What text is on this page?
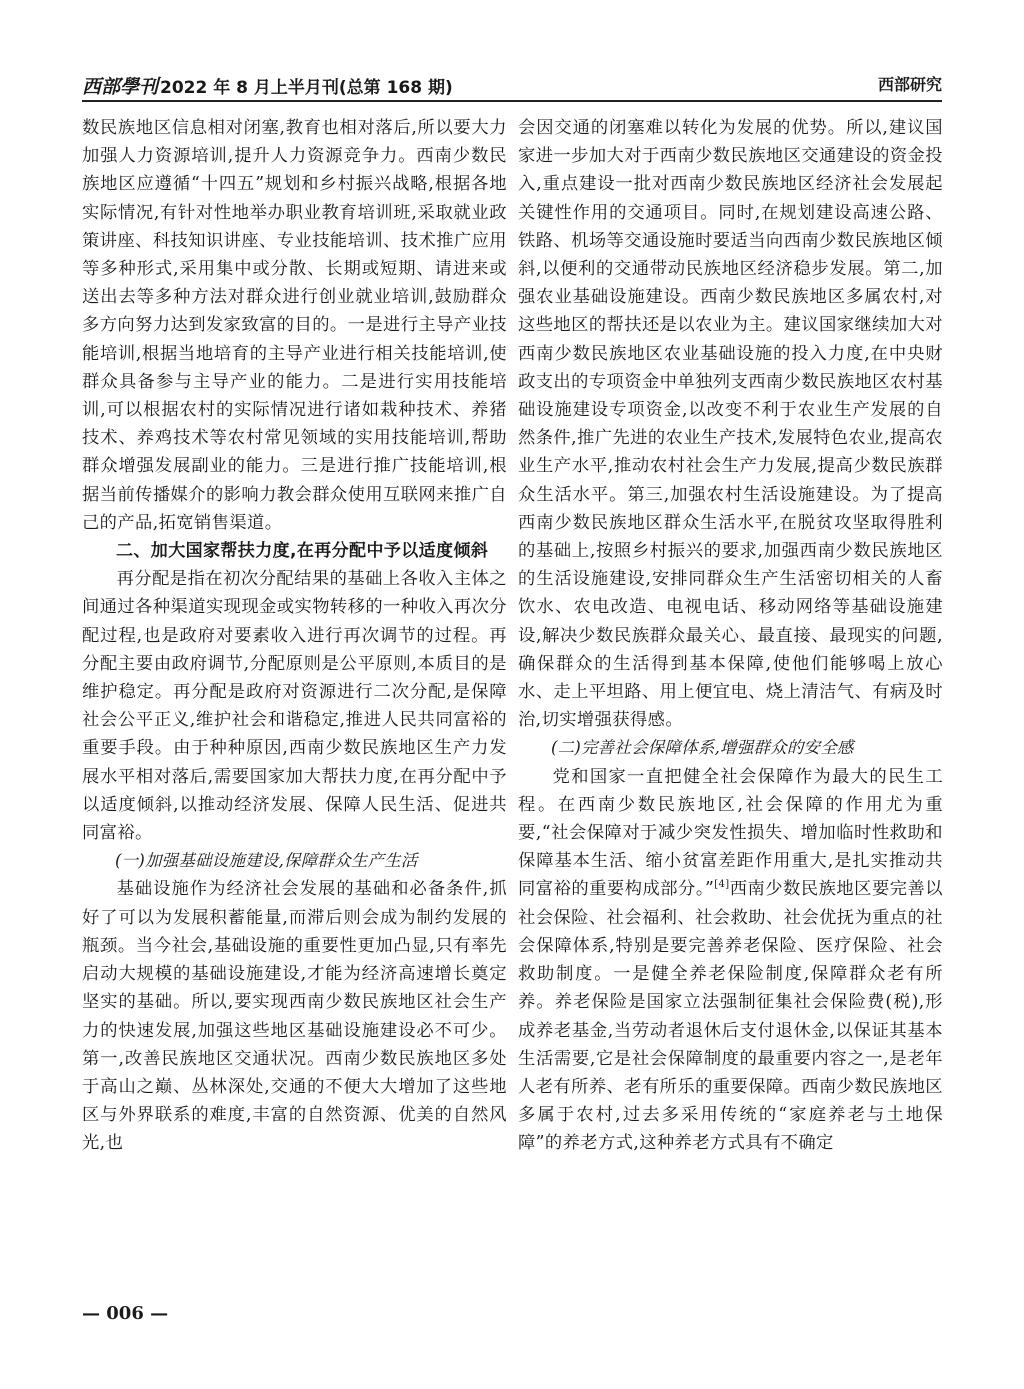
西部學刊 2022 年 8 月上半月刊(总第 168 期)	西部研究

数民族地区信息相对闭塞,教育也相对落后,所以要大力加强人力资源培训,提升人力资源竞争力。西南少数民族地区应遵循“十四五”规划和乡村振兴战略,根据各地实际情况,有针对性地举办职业教育培训班,采取就业政策讲座、科技知识讲座、专业技能培训、技术推广应用等多种形式,采用集中或分散、长期或短期、请进来或送出去等多种方法对群众进行创业就业培训,鼓励群众多方向努力达到发家致富的目的。一是进行主导产业技能培训,根据当地培育的主导产业进行相关技能培训,使群众具备参与主导产业的能力。二是进行实用技能培训,可以根据农村的实际情况进行诸如栽种技术、养猪技术、养鸡技术等农村常见领域的实用技能培训,帮助群众增强发展副业的能力。三是进行推广技能培训,根据当前传播媒介的影响力教会群众使用互联网来推广自己的产品,拓宽销售渠道。

二、加大国家帮扶力度,在再分配中予以适度倾斜

再分配是指在初次分配结果的基础上各收入主体之间通过各种渠道实现现金或实物转移的一种收入再次分配过程,也是政府对要素收入进行再次调节的过程。再分配主要由政府调节,分配原则是公平原则,本质目的是维护稳定。再分配是政府对资源进行二次分配,是保障社会公平正义,维护社会和谐稳定,推进人民共同富裕的重要手段。由于种种原因,西南少数民族地区生产力发展水平相对落后,需要国家加大帮扶力度,在再分配中予以适度倾斜,以推动经济发展、保障人民生活、促进共同富裕。

(一)加强基础设施建设,保障群众生产生活

基础设施作为经济社会发展的基础和必备条件,抓好了可以为发展积蓄能量,而滞后则会成为制约发展的瓶颈。当今社会,基础设施的重要性更加凸显,只有率先启动大规模的基础设施建设,才能为经济高速增长奠定坚实的基础。所以,要实现西南少数民族地区社会生产力的快速发展,加强这些地区基础设施建设必不可少。第一,改善民族地区交通状况。西南少数民族地区多处于高山之巅、丛林深处,交通的不便大大增加了这些地区与外界联系的难度,丰富的自然资源、优美的自然风光,也

会因交通的闭塞难以转化为发展的优势。所以,建议国家进一步加大对于西南少数民族地区交通建设的资金投入,重点建设一批对西南少数民族地区经济社会发展起关键性作用的交通项目。同时,在规划建设高速公路、铁路、机场等交通设施时要适当向西南少数民族地区倾斜,以便利的交通带动民族地区经济稳步发展。第二,加强农业基础设施建设。西南少数民族地区多属农村,对这些地区的帮扶还是以农业为主。建议国家继续加大对西南少数民族地区农业基础设施的投入力度,在中央财政支出的专项资金中单独列支西南少数民族地区农村基础设施建设专项资金,以改变不利于农业生产发展的自然条件,推广先进的农业生产技术,发展特色农业,提高农业生产水平,推动农村社会生产力发展,提高少数民族群众生活水平。第三,加强农村生活设施建设。为了提高西南少数民族地区群众生活水平,在脱贫攻坚取得胜利的基础上,按照乡村振兴的要求,加强西南少数民族地区的生活设施建设,安排同群众生产生活密切相关的人畜饮水、农电改造、电视电话、移动网络等基础设施建设,解决少数民族群众最关心、最直接、最现实的问题,确保群众的生活得到基本保障,使他们能够喝上放心水、走上平坦路、用上便宜电、烧上清洁气、有病及时治,切实增强获得感。

(二)完善社会保障体系,增强群众的安全感

党和国家一直把健全社会保障作为最大的民生工程。在西南少数民族地区,社会保障的作用尤为重要,“社会保障对于减少突发性损失、增加临时性救助和保障基本生活、缩小贫富差距作用重大,是扎实推动共同富裕的重要构成部分。”[4]西南少数民族地区要完善以社会保险、社会福利、社会救助、社会优抚为重点的社会保障体系,特别是要完善养老保险、医疗保险、社会救助制度。一是健全养老保险制度,保障群众老有所养。养老保险是国家立法强制征集社会保险费(税),形成养老基金,当劳动者退休后支付退休金,以保证其基本生活需要,它是社会保障制度的最重要内容之一,是老年人老有所养、老有所乐的重要保障。西南少数民族地区多属于农村,过去多采用传统的“家庭养老与土地保障”的养老方式,这种养老方式具有不确定

— 006 —
